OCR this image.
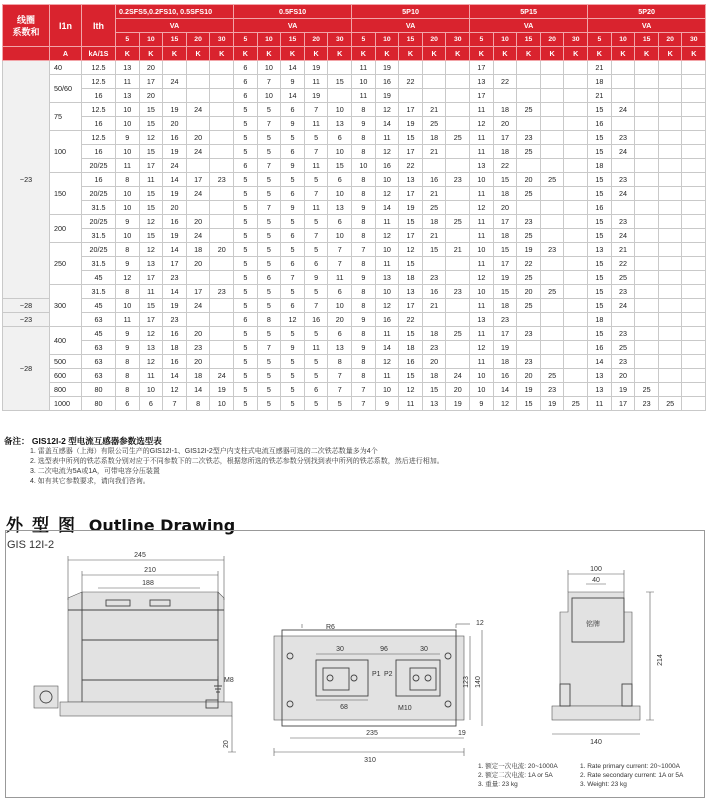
线圈
系数和	I1n	Ith	0.2SFS5,0.2FS10, 0.5SFS10					0.5FS10					5P10					5P15					5P20				
			VA					VA					VA					VA					VA				
			5	10	15	20	30	5	10	15	20	30	5	10	15	20	30	5	10	15	20	30	5	10	15	20	30
	A	kA/1S	K	K	K	K	K	K	K	K	K	K	K	K	K	K	K	K	K	K	K	K	K	K	K	K	K
~23	40	12.5	13	20				6	10	14	19		11	19				17					21				
	50/60	12.5	11	17	24			6	7	9	11	15	10	16	22			13	22				18				
		16	13	20				6	10	14	19		11	19				17					21				
	75	12.5	10	15	19	24		5	5	6	7	10	8	12	17	21		11	18	25			15	24			
		16	10	15	20			5	7	9	11	13	9	14	19	25		12	20				16				
	100	12.5	9	12	16	20		5	5	5	5	6	8	11	15	18	25	11	17	23			15	23			
		16	10	15	19	24		5	5	6	7	10	8	12	17	21		11	18	25			15	24			
		20/25	11	17	24			6	7	9	11	15	10	16	22			13	22				18				
	150	16	8	11	14	17	23	5	5	5	5	6	8	10	13	16	23	10	15	20	25		15	23			
		20/25	10	15	19	24		5	5	6	7	10	8	12	17	21		11	18	25			15	24			
		31.5	10	15	20			5	7	9	11	13	9	14	19	25		12	20				16				
	200	20/25	9	12	16	20		5	5	5	5	6	8	11	15	18	25	11	17	23			15	23			
		31.5	10	15	19	24		5	5	6	7	10	8	12	17	21		11	18	25			15	24			
	250	20/25	8	12	14	18	20	5	5	5	5	7	7	10	12	15	21	10	15	19	23		13	21			
		31.5	9	13	17	20		5	5	6	6	7	8	11	15			11	17	22			15	22			
		45	12	17	23			5	6	7	9	11	9	13	18	23		12	19	25			15	25			
	300	31.5	8	11	14	17	23	5	5	5	5	6	8	10	13	16	23	10	15	20	25		15	23			
~28		45	10	15	19	24		5	5	6	7	10	8	12	17	21		11	18	25			15	24			
~23		63	11	17	23			6	8	12	16	20	9	16	22			13	23				18				
~28	400	45	9	12	16	20		5	5	5	5	6	8	11	15	18	25	11	17	23			15	23			
		63	9	13	18	23		5	7	9	11	13	9	14	18	23		12	19				16	25			
	500	63	8	12	16	20		5	5	5	5	8	8	12	16	20		11	18	23			14	23			
	600	63	8	11	14	18	24	5	5	5	5	7	8	11	15	18	24	10	16	20	25		13	20			
	800	80	8	10	12	14	19	5	5	5	6	7	7	10	12	15	20	10	14	19	23		13	19	25		
	1000	80	6	6	7	8	10	5	5	5	5	5	7	9	11	13	19	9	12	15	19	25	11	17	23	25	
备注： GIS12I-2 型电流互感器参数选型表
1. 雷盖互感器（上海）有限公司生产的GIS12I-1、GIS12I-2型户内支柱式电流互感器可选的二次铁芯数量多为4个
2. 选型表中所列的铁芯系数分别对应于不同参数下的二次铁芯，根据您所选的铁芯参数分别找到表中所列的铁芯系数，然后进行相加。
3. 二次电流为5A或1A，可带电容分压装置
4. 如有其它参数要求，请向我们咨询。
外型图 Outline Drawing
GIS 12I-2
245
210
188
M8
20
R6
12
P1 P2
30	96	30
68	M10
123 140
235	19
310
铭牌
100
40
214
140
1. 额定一次电流: 20~1000A
2. 额定二次电流: 1A or 5A
3. 重量: 23 kg
1. Rate primary current: 20~1000A
2. Rate secondary current: 1A or 5A
3. Weight: 23 kg
